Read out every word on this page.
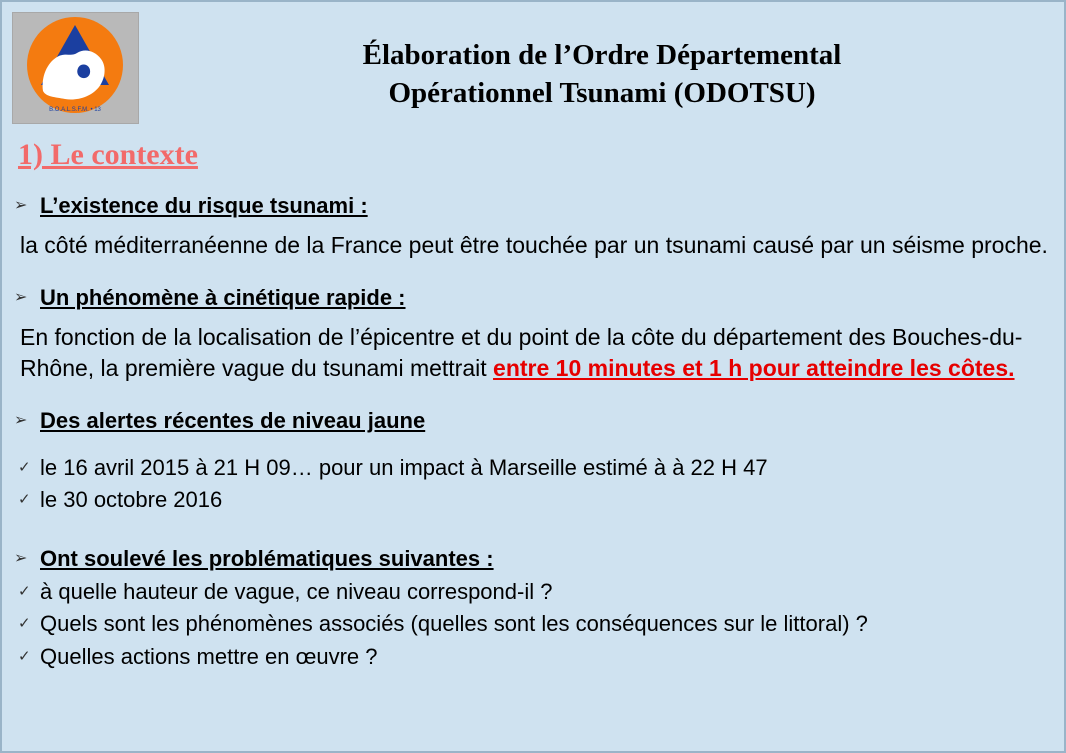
B.O.A.L.S.F.M. • 13
Élaboration de l’Ordre Départemental
Opérationnel Tsunami (ODOTSU)
1) Le contexte
➢ L’existence du risque tsunami :
la côté méditerranéenne de la France peut être touchée par un tsunami causé par un séisme proche.
➢ Un phénomène à cinétique rapide :
En fonction de la localisation de l’épicentre et du point de la côte du département des Bouches-du-Rhône, la première vague du tsunami mettrait entre 10 minutes et 1 h pour atteindre les côtes.
➢ Des alertes récentes de niveau jaune
✓ le 16 avril 2015 à 21 H 09… pour un impact à Marseille estimé à à 22 H 47
✓ le 30 octobre 2016
➢ Ont soulevé les problématiques suivantes :
✓ à quelle hauteur de vague, ce niveau correspond-il ?
✓ Quels sont les phénomènes associés (quelles sont les conséquences sur le littoral) ?
✓ Quelles actions mettre en œuvre ?
